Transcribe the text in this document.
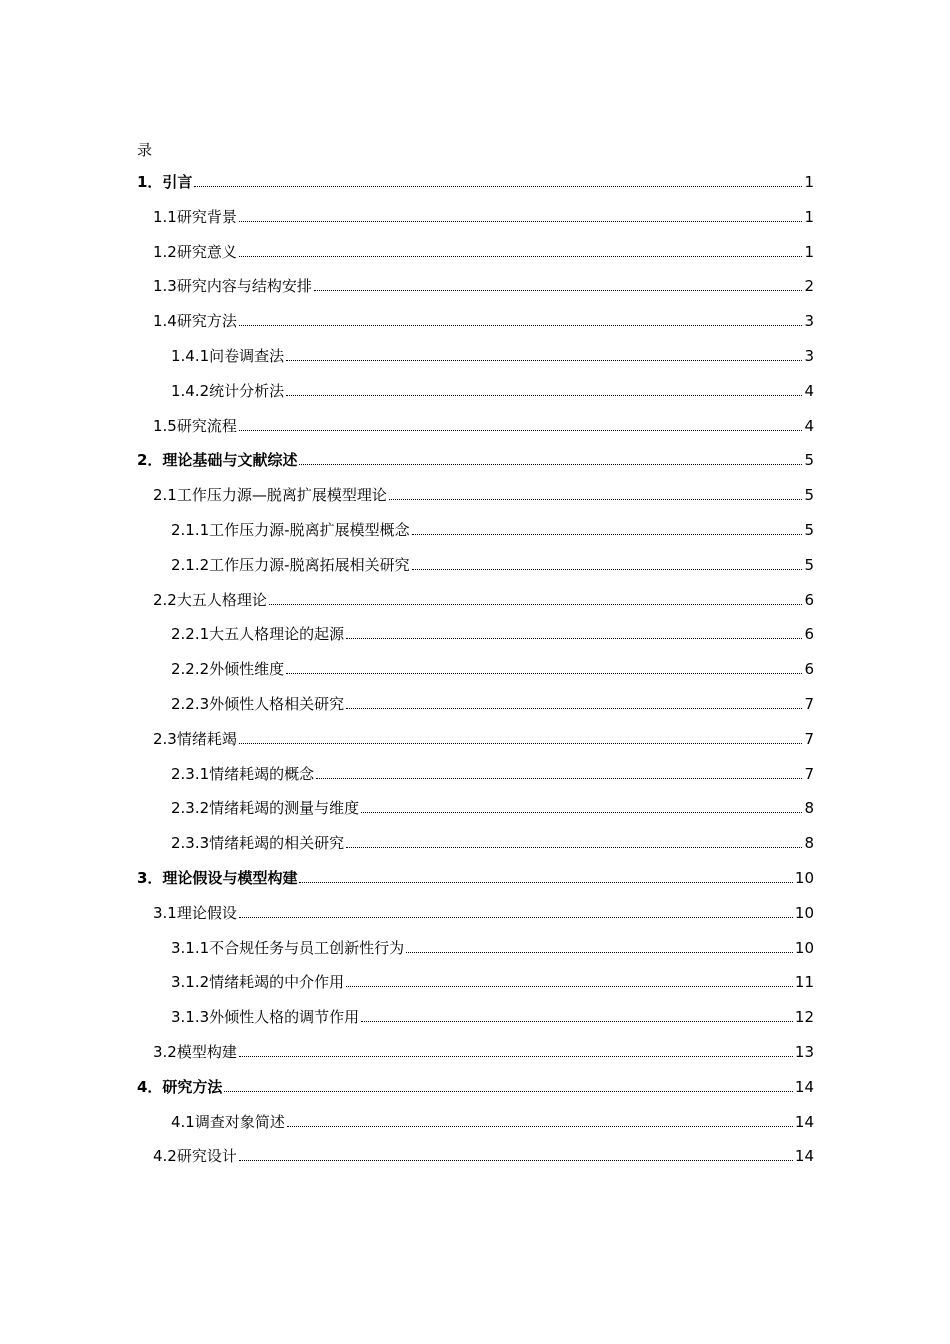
录
1．引言	1
1.1研究背景	1
1.2研究意义	1
1.3研究内容与结构安排	2
1.4研究方法	3
1.4.1问卷调查法	3
1.4.2统计分析法	4
1.5研究流程	4
2．理论基础与文献综述	5
2.1工作压力源—脱离扩展模型理论	5
2.1.1工作压力源-脱离扩展模型概念	5
2.1.2工作压力源-脱离拓展相关研究	5
2.2大五人格理论	6
2.2.1大五人格理论的起源	6
2.2.2外倾性维度	6
2.2.3外倾性人格相关研究	7
2.3情绪耗竭	7
2.3.1情绪耗竭的概念	7
2.3.2情绪耗竭的测量与维度	8
2.3.3情绪耗竭的相关研究	8
3．理论假设与模型构建	10
3.1理论假设	10
3.1.1不合规任务与员工创新性行为	10
3.1.2情绪耗竭的中介作用	11
3.1.3外倾性人格的调节作用	12
3.2模型构建	13
4．研究方法	14
4.1调查对象简述	14
4.2研究设计	14
